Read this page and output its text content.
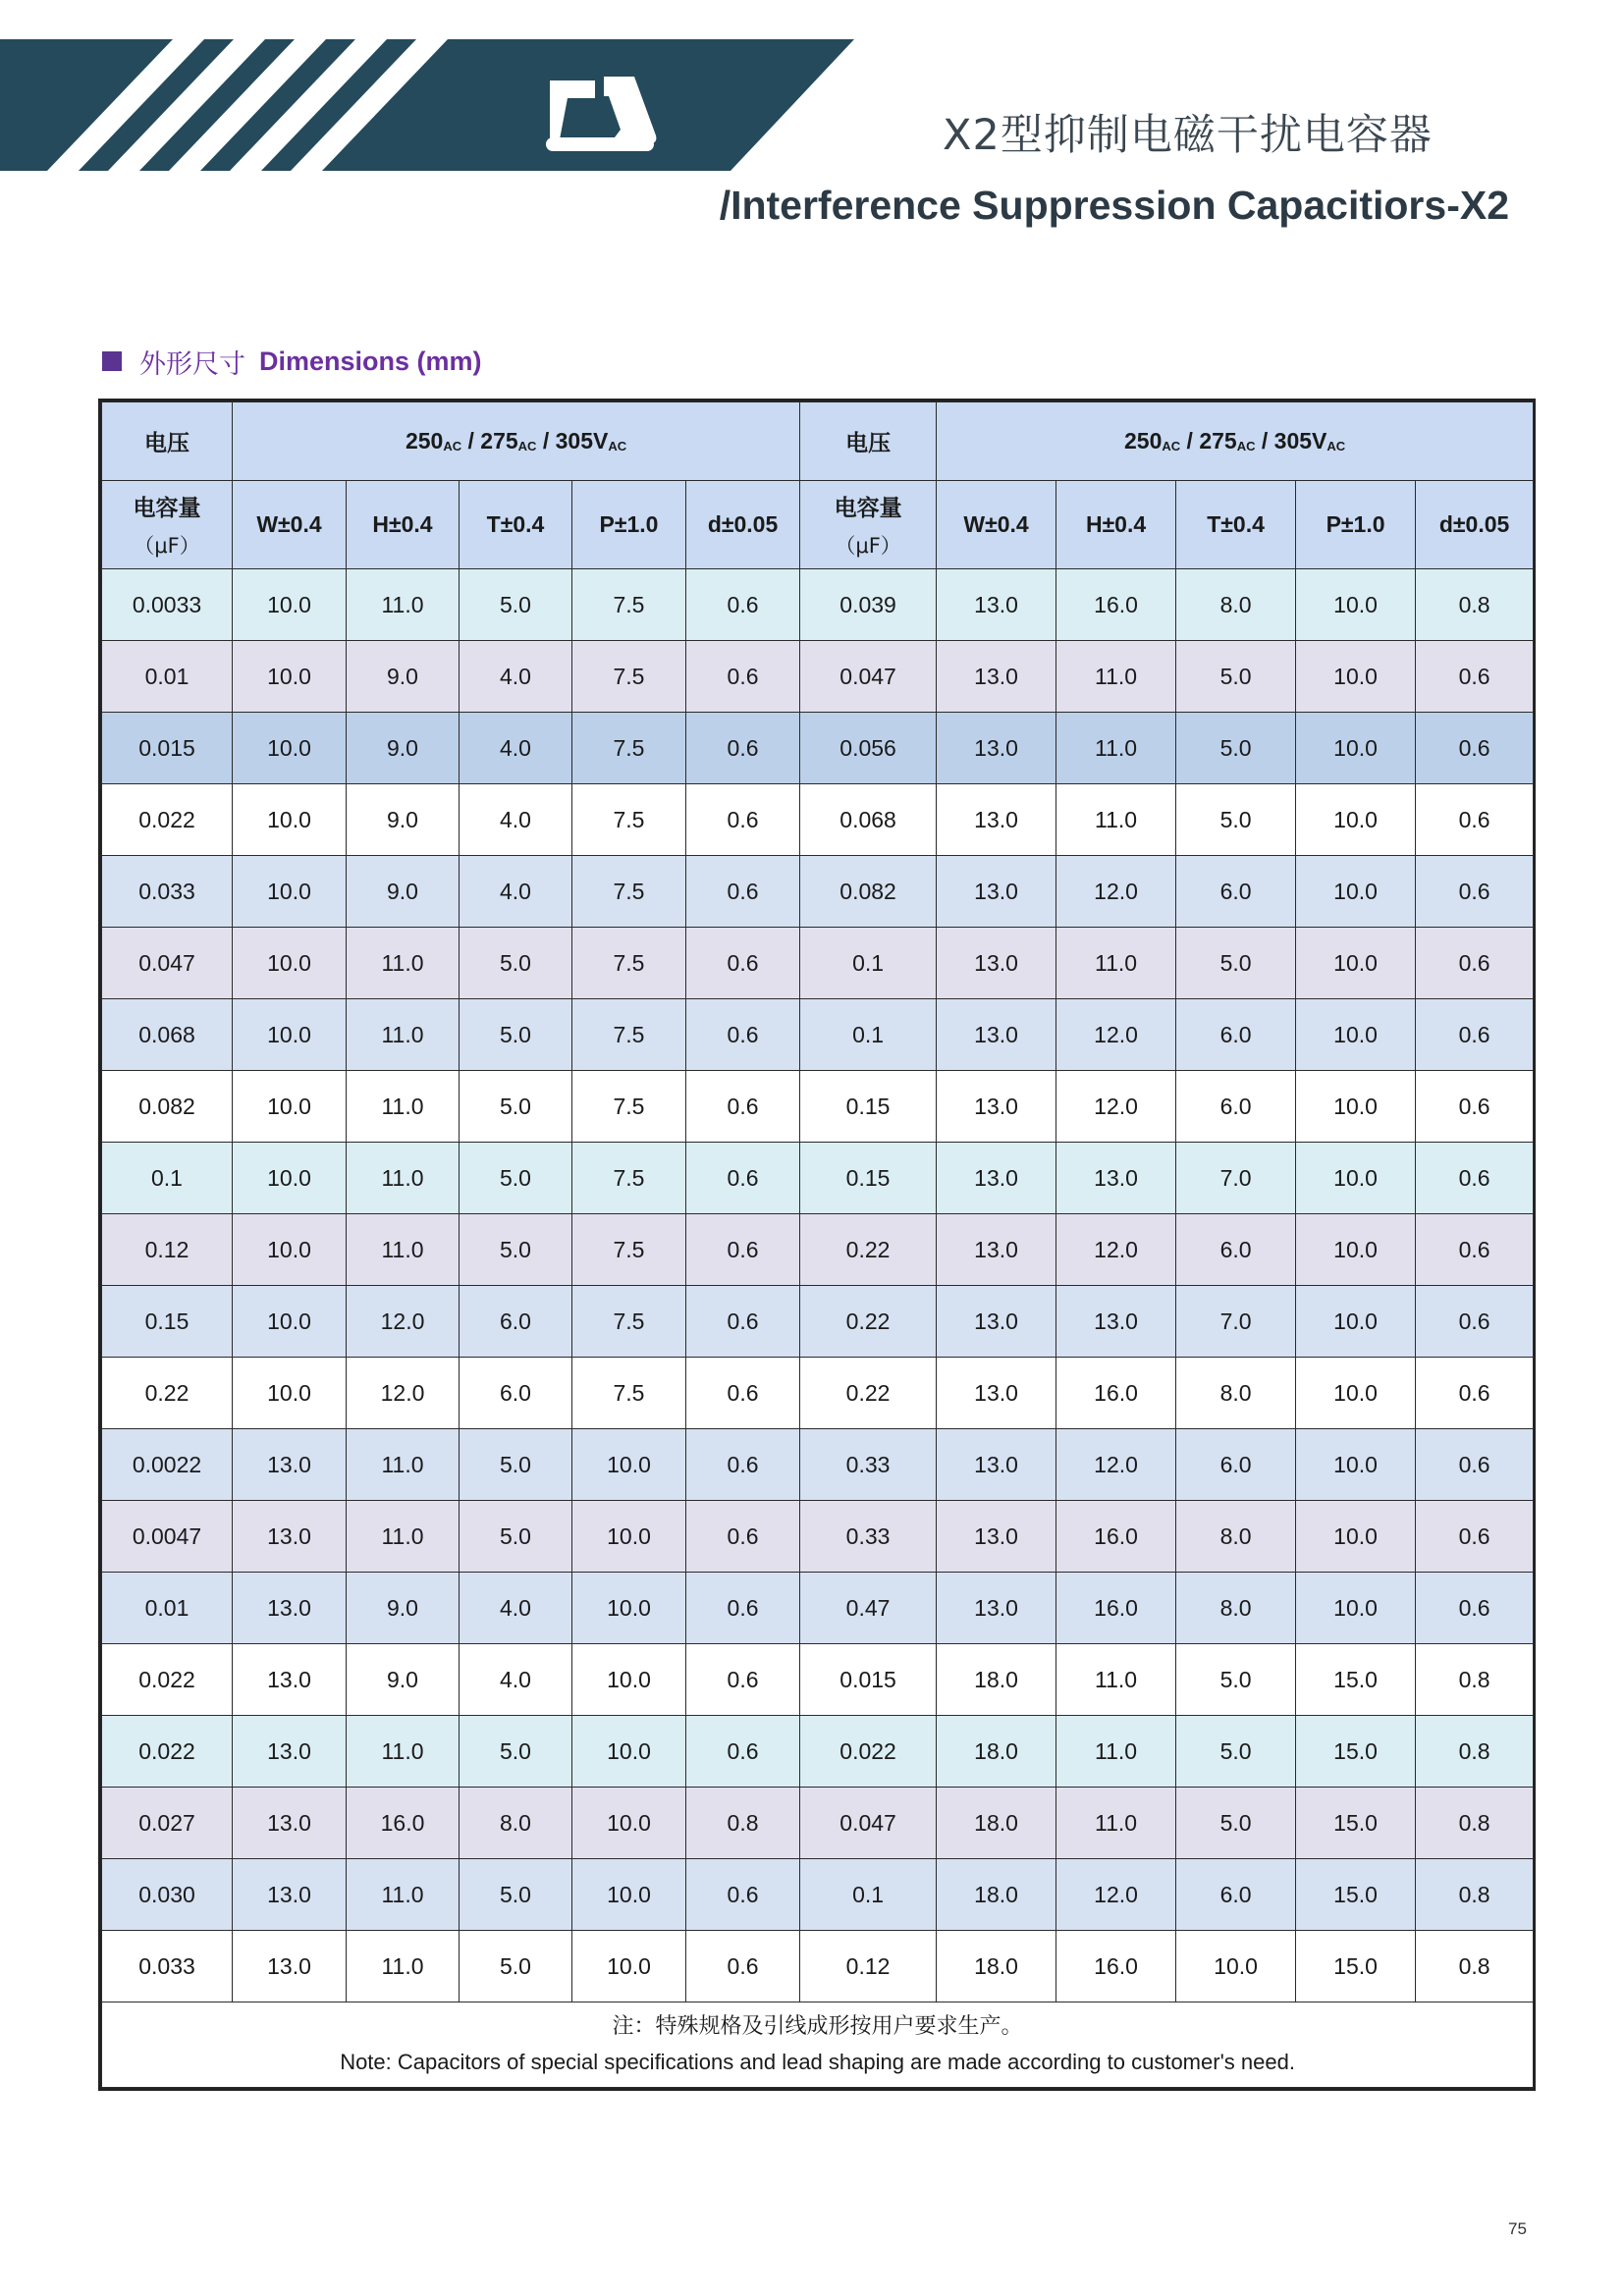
X2型抑制电磁干扰电容器
/Interference Suppression Capacitiors-X2
外形尺寸 Dimensions (mm)
电压	$250_{AC} / 275_{AC} / 305V_{AC}$					电压	$250_{AC} / 275_{AC} / 305V_{AC}$
电容量
（μF）	W±0.4	H±0.4	T±0.4	P±1.0	d±0.05	电容量
（μF）	W±0.4	H±0.4	T±0.4	P±1.0	d±0.05
0.0033	10.0	11.0	5.0	7.5	0.6	0.039	13.0	16.0	8.0	10.0	0.8
0.01	10.0	9.0	4.0	7.5	0.6	0.047	13.0	11.0	5.0	10.0	0.6
0.015	10.0	9.0	4.0	7.5	0.6	0.056	13.0	11.0	5.0	10.0	0.6
0.022	10.0	9.0	4.0	7.5	0.6	0.068	13.0	11.0	5.0	10.0	0.6
0.033	10.0	9.0	4.0	7.5	0.6	0.082	13.0	12.0	6.0	10.0	0.6
0.047	10.0	11.0	5.0	7.5	0.6	0.1	13.0	11.0	5.0	10.0	0.6
0.068	10.0	11.0	5.0	7.5	0.6	0.1	13.0	12.0	6.0	10.0	0.6
0.082	10.0	11.0	5.0	7.5	0.6	0.15	13.0	12.0	6.0	10.0	0.6
0.1	10.0	11.0	5.0	7.5	0.6	0.15	13.0	13.0	7.0	10.0	0.6
0.12	10.0	11.0	5.0	7.5	0.6	0.22	13.0	12.0	6.0	10.0	0.6
0.15	10.0	12.0	6.0	7.5	0.6	0.22	13.0	13.0	7.0	10.0	0.6
0.22	10.0	12.0	6.0	7.5	0.6	0.22	13.0	16.0	8.0	10.0	0.6
0.0022	13.0	11.0	5.0	10.0	0.6	0.33	13.0	12.0	6.0	10.0	0.6
0.0047	13.0	11.0	5.0	10.0	0.6	0.33	13.0	16.0	8.0	10.0	0.6
0.01	13.0	9.0	4.0	10.0	0.6	0.47	13.0	16.0	8.0	10.0	0.6
0.022	13.0	9.0	4.0	10.0	0.6	0.015	18.0	11.0	5.0	15.0	0.8
0.022	13.0	11.0	5.0	10.0	0.6	0.022	18.0	11.0	5.0	15.0	0.8
0.027	13.0	16.0	8.0	10.0	0.8	0.047	18.0	11.0	5.0	15.0	0.8
0.030	13.0	11.0	5.0	10.0	0.6	0.1	18.0	12.0	6.0	15.0	0.8
0.033	13.0	11.0	5.0	10.0	0.6	0.12	18.0	16.0	10.0	15.0	0.8

注：特殊规格及引线成形按用户要求生产。
Note: Capacitors of special specifications and lead shaping are made according to customer's need.											
75
